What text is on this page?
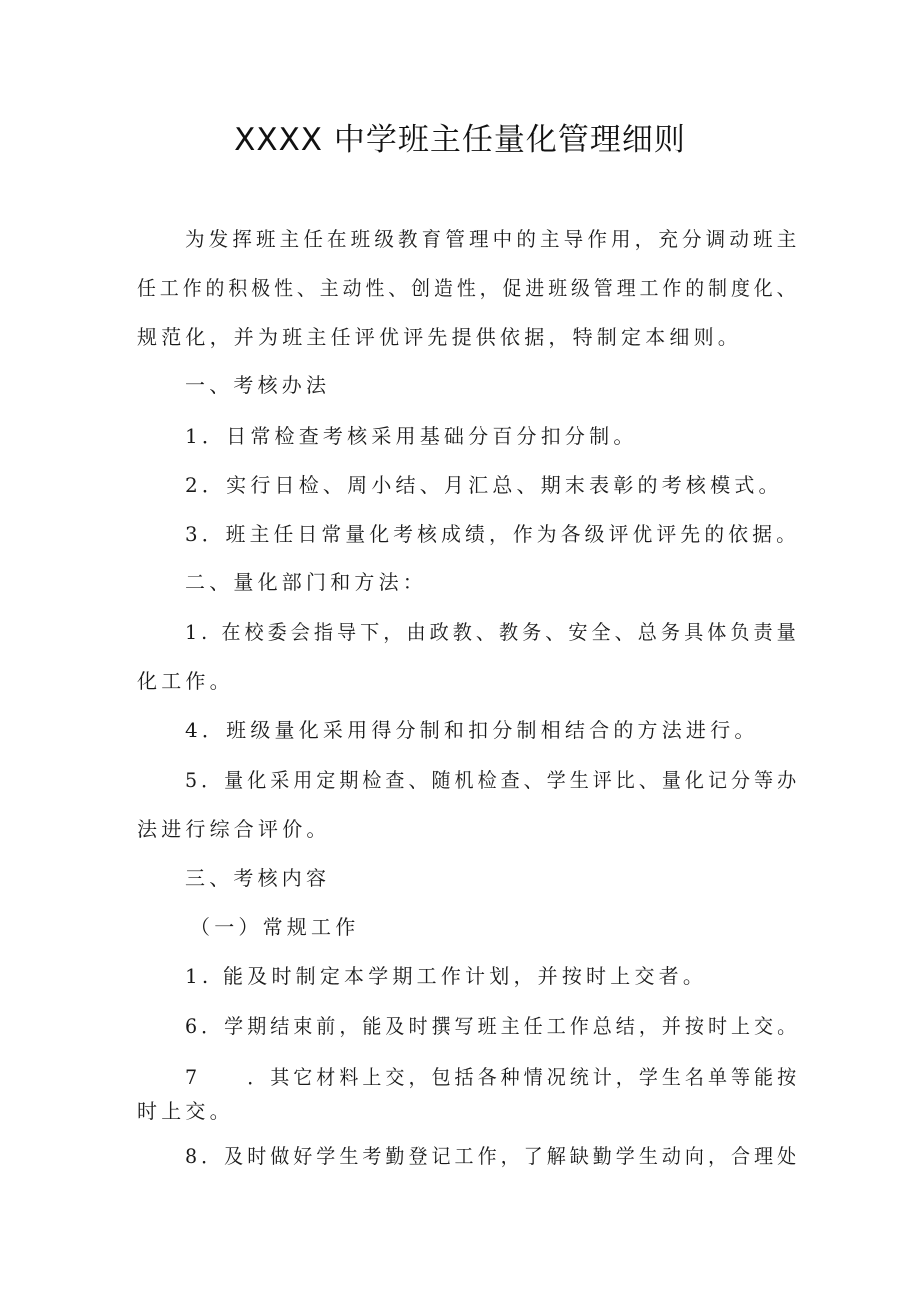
XXXX 中学班主任量化管理细则
为发挥班主任在班级教育管理中的主导作用，充分调动班主
任工作的积极性、主动性、创造性，促进班级管理工作的制度化、
规范化，并为班主任评优评先提供依据，特制定本细则。
一、考核办法
1．日常检查考核采用基础分百分扣分制。
2．实行日检、周小结、月汇总、期末表彰的考核模式。
3．班主任日常量化考核成绩，作为各级评优评先的依据。
二、量化部门和方法：
1. 在校委会指导下，由政教、教务、安全、总务具体负责量
化工作。
4．班级量化采用得分制和扣分制相结合的方法进行。
5．量化采用定期检查、随机检查、学生评比、量化记分等办
法进行综合评价。
三、考核内容
（一）常规工作
1. 能及时制定本学期工作计划，并按时上交者。
6．学期结束前，能及时撰写班主任工作总结，并按时上交。
7　　．其它材料上交，包括各种情况统计，学生名单等能按
时上交。
8．及时做好学生考勤登记工作，了解缺勤学生动向，合理处
